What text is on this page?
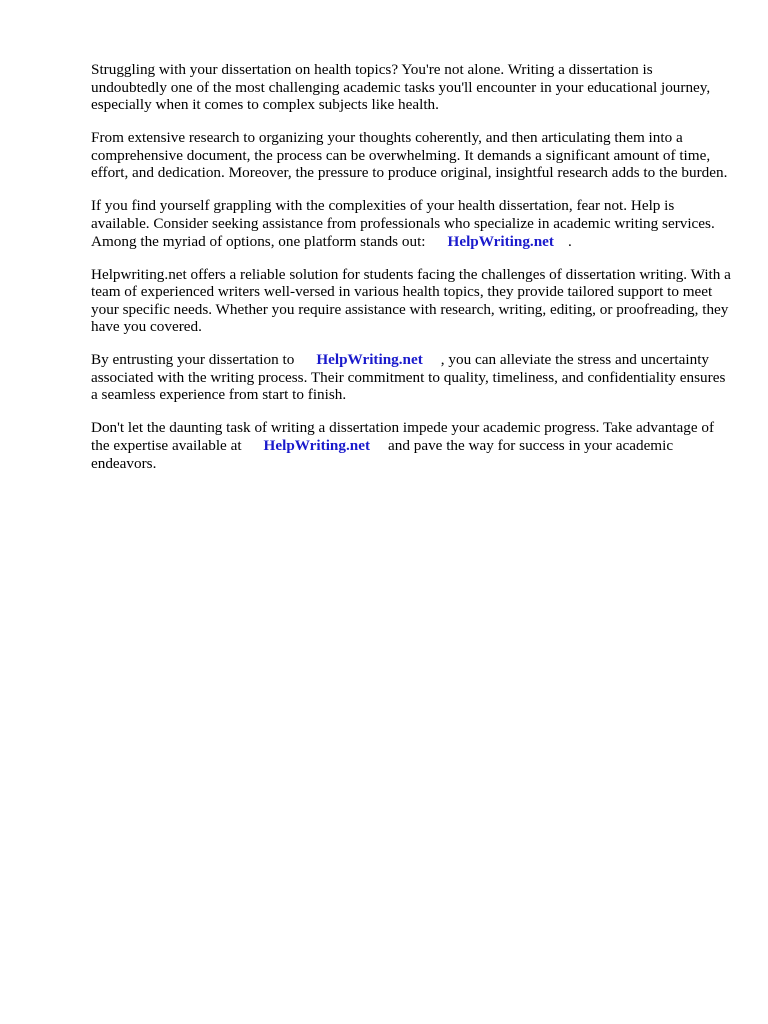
Struggling with your dissertation on health topics? You're not alone. Writing a dissertation is undoubtedly one of the most challenging academic tasks you'll encounter in your educational journey, especially when it comes to complex subjects like health.

From extensive research to organizing your thoughts coherently, and then articulating them into a comprehensive document, the process can be overwhelming. It demands a significant amount of time, effort, and dedication. Moreover, the pressure to produce original, insightful research adds to the burden.

If you find yourself grappling with the complexities of your health dissertation, fear not. Help is available. Consider seeking assistance from professionals who specialize in academic writing services. Among the myriad of options, one platform stands out: HelpWriting.net .

Helpwriting.net offers a reliable solution for students facing the challenges of dissertation writing. With a team of experienced writers well-versed in various health topics, they provide tailored support to meet your specific needs. Whether you require assistance with research, writing, editing, or proofreading, they have you covered.

By entrusting your dissertation to HelpWriting.net , you can alleviate the stress and uncertainty associated with the writing process. Their commitment to quality, timeliness, and confidentiality ensures a seamless experience from start to finish.

Don't let the daunting task of writing a dissertation impede your academic progress. Take advantage of the expertise available at HelpWriting.net and pave the way for success in your academic endeavors.
